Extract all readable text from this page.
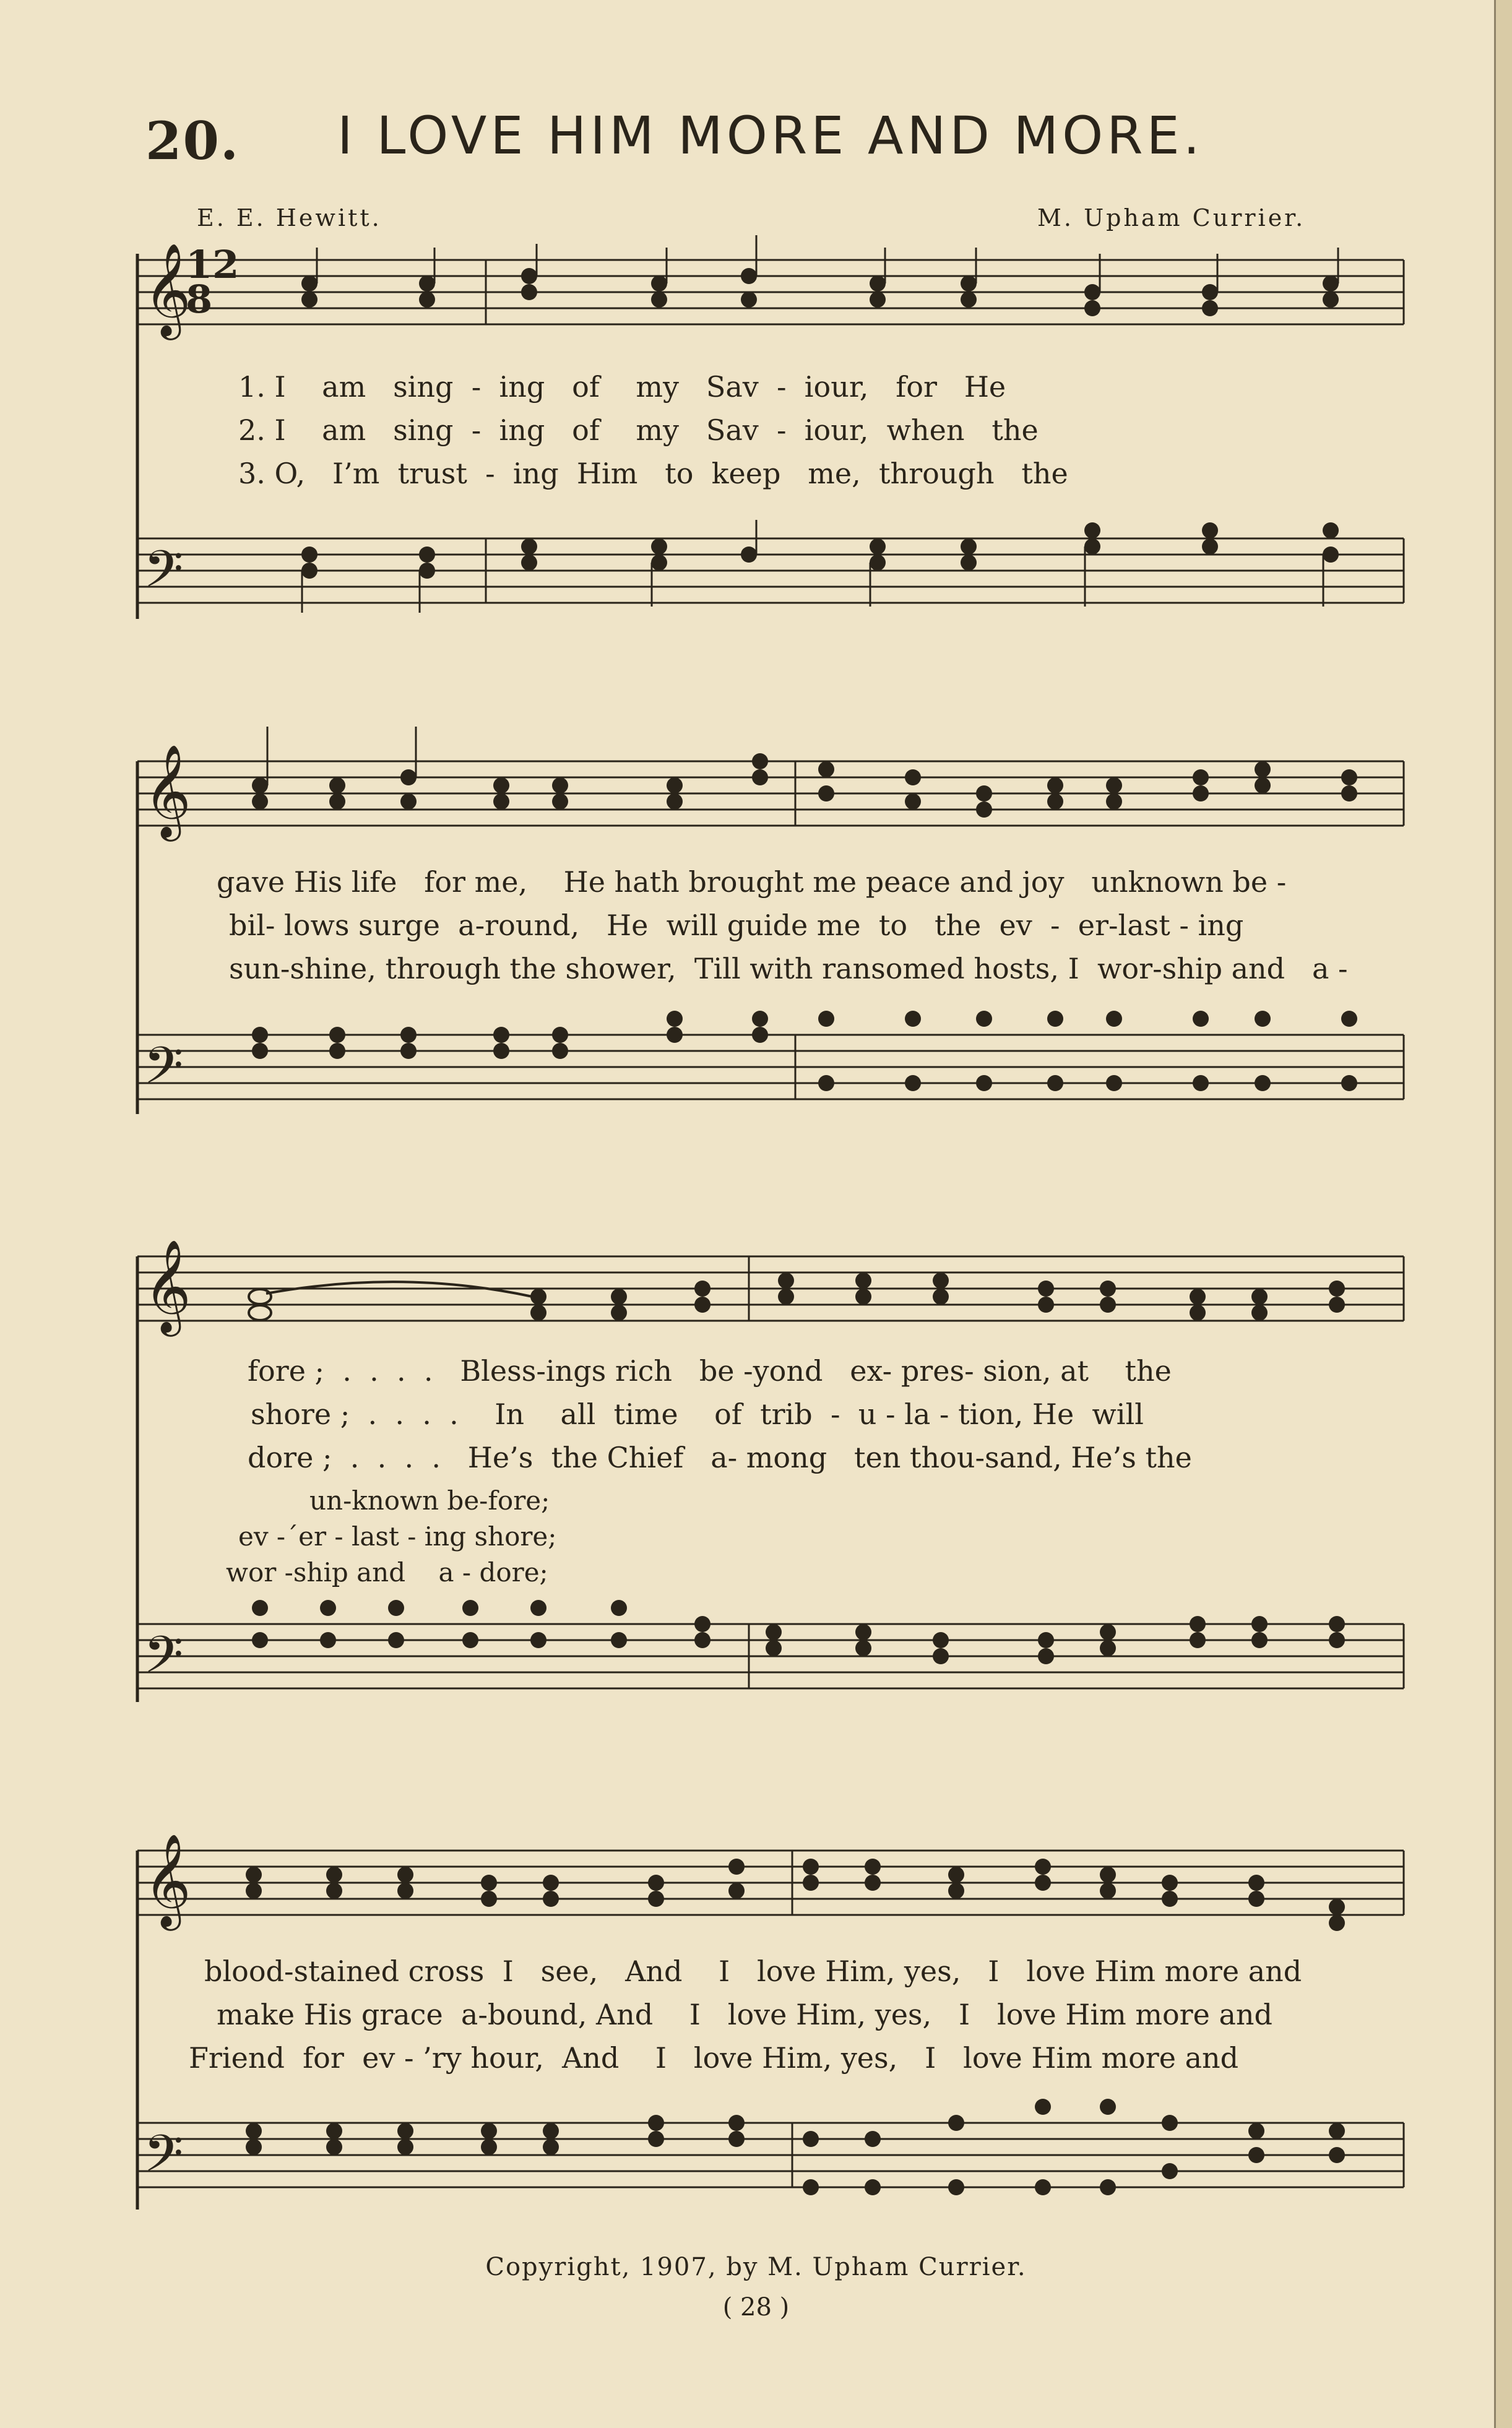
20. I LOVE HIM MORE AND MORE.
E. E. Hewitt.	M. Upham Currier.
𝄞
𝄢
12
8
1. I    am   sing  -  ing   of    my   Sav  -  iour,   for   He
2. I    am   sing  -  ing   of    my   Sav  -  iour,  when   the
3. O,   I’m  trust  -  ing  Him   to  keep   me,  through   the
𝄞
𝄢
gave His life   for me,    He hath brought me peace and joy   unknown be -
bil- lows surge  a-round,   He  will guide me  to   the  ev  -  er-last - ing
sun-shine, through the shower,  Till with ransomed hosts, I  wor-ship and   a -
𝄞
𝄢
fore ;  .  .  .  .   Bless-ings rich   be -yond   ex- pres- sion, at    the
shore ;  .  .  .  .    In    all  time    of  trib  -  u - la - tion, He  will
dore ;  .  .  .  .   He’s  the Chief   a- mong   ten thou-sand, He’s the
un-known be-fore;
ev -´er - last - ing shore;
wor -ship and    a - dore;
𝄞
𝄢
blood-stained cross  I   see,   And    I   love Him, yes,   I   love Him more and
make His grace  a-bound, And    I   love Him, yes,   I   love Him more and
Friend  for  ev - ’ry hour,  And    I   love Him, yes,   I   love Him more and
Copyright, 1907, by M. Upham Currier.
( 28 )
